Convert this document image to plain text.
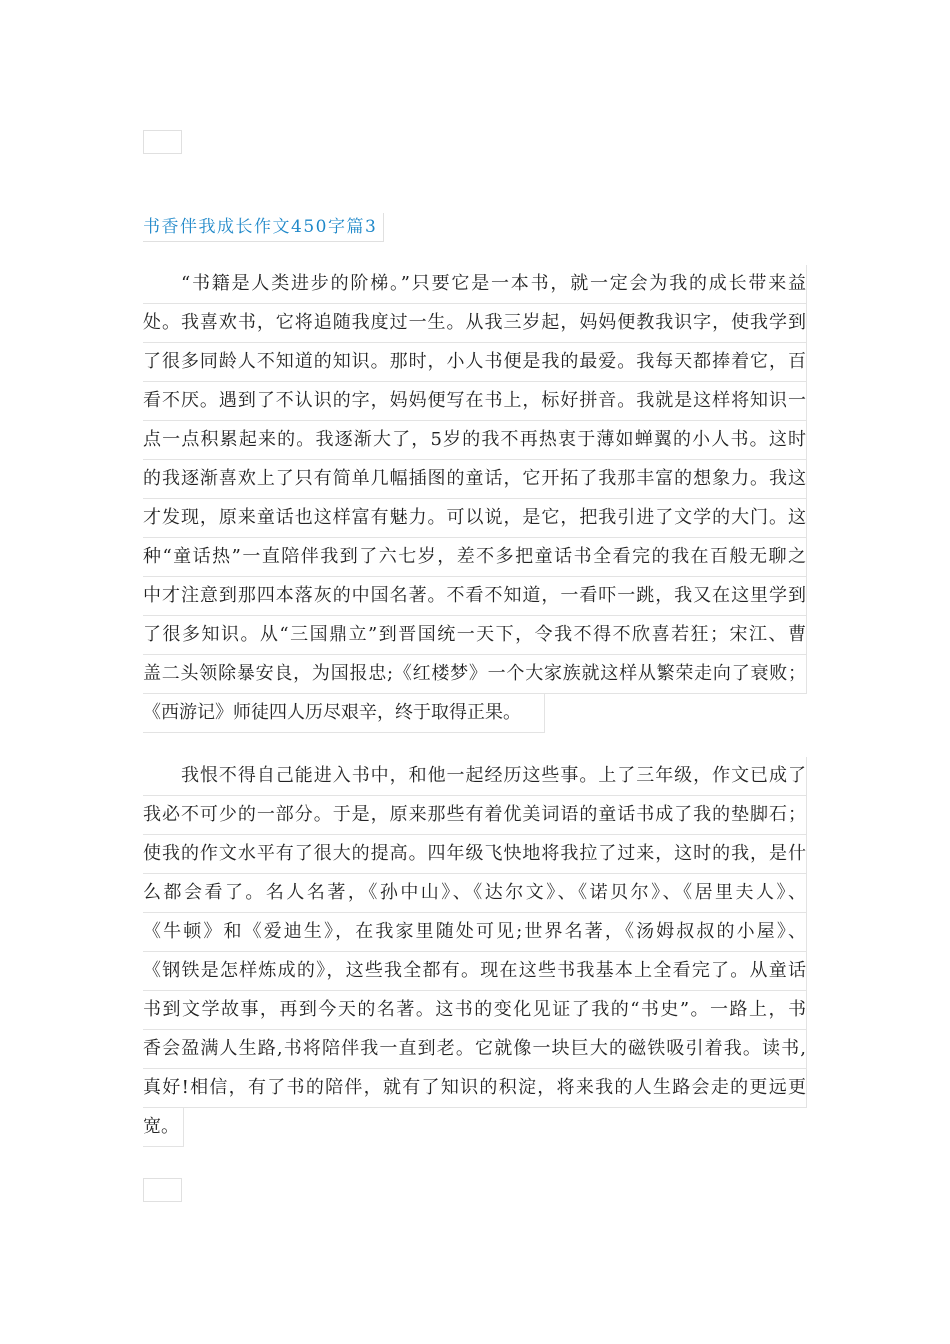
书香伴我成长作文450字篇3
“书籍是人类进步的阶梯。”只要它是一本书，就一定会为我的成长带来益
处。我喜欢书，它将追随我度过一生。从我三岁起，妈妈便教我识字，使我学到
了很多同龄人不知道的知识。那时，小人书便是我的最爱。我每天都捧着它，百
看不厌。遇到了不认识的字，妈妈便写在书上，标好拼音。我就是这样将知识一
点一点积累起来的。我逐渐大了，5岁的我不再热衷于薄如蝉翼的小人书。这时
的我逐渐喜欢上了只有简单几幅插图的童话，它开拓了我那丰富的想象力。我这
才发现，原来童话也这样富有魅力。可以说，是它，把我引进了文学的大门。这
种“童话热”一直陪伴我到了六七岁，差不多把童话书全看完的我在百般无聊之
中才注意到那四本落灰的中国名著。不看不知道，一看吓一跳，我又在这里学到
了很多知识。从“三国鼎立”到晋国统一天下，令我不得不欣喜若狂；宋江、曹
盖二头领除暴安良，为国报忠;《红楼梦》一个大家族就这样从繁荣走向了衰败；
《西游记》师徒四人历尽艰辛，终于取得正果。
我恨不得自己能进入书中，和他一起经历这些事。上了三年级，作文已成了
我必不可少的一部分。于是，原来那些有着优美词语的童话书成了我的垫脚石；
使我的作文水平有了很大的提高。四年级飞快地将我拉了过来，这时的我，是什
么都会看了。名人名著，《孙中山》、《达尔文》、《诺贝尔》、《居里夫人》、
《牛顿》和《爱迪生》，在我家里随处可见;世界名著，《汤姆叔叔的小屋》、
《钢铁是怎样炼成的》，这些我全都有。现在这些书我基本上全看完了。从童话
书到文学故事，再到今天的名著。这书的变化见证了我的“书史”。一路上，书
香会盈满人生路,书将陪伴我一直到老。它就像一块巨大的磁铁吸引着我。读书,
真好!相信，有了书的陪伴，就有了知识的积淀，将来我的人生路会走的更远更
宽。
